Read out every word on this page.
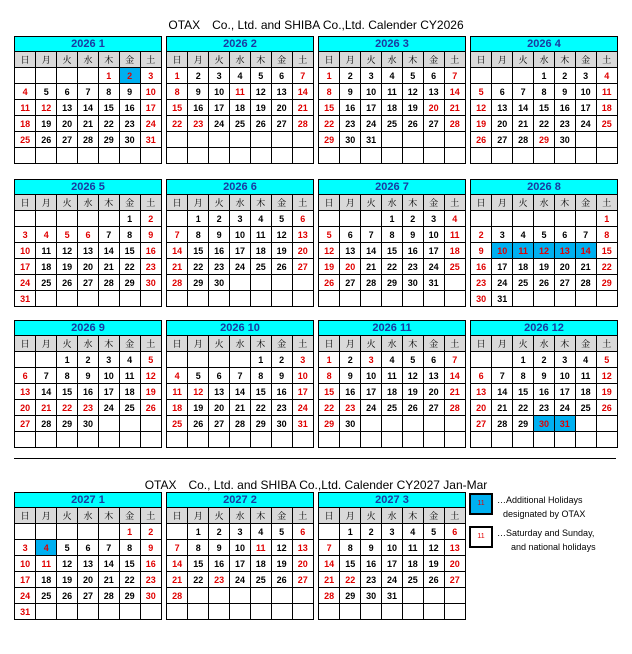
OTAX　Co., Ltd. and SHIBA Co.,Ltd. Calender CY2026
2026 1
日	月	火	水	木	金	土
				1	2	3
4	5	6	7	8	9	10
11	12	13	14	15	16	17
18	19	20	21	22	23	24
25	26	27	28	29	30	31

2026 2
日	月	火	水	木	金	土
1	2	3	4	5	6	7
8	9	10	11	12	13	14
15	16	17	18	19	20	21
22	23	24	25	26	27	28

2026 3
日	月	火	水	木	金	土
1	2	3	4	5	6	7
8	9	10	11	12	13	14
15	16	17	18	19	20	21
22	23	24	25	26	27	28
29	30	31				

2026 4
日	月	火	水	木	金	土
			1	2	3	4
5	6	7	8	9	10	11
12	13	14	15	16	17	18
19	20	21	22	23	24	25
26	27	28	29	30		

2026 5
日	月	火	水	木	金	土
					1	2
3	4	5	6	7	8	9
10	11	12	13	14	15	16
17	18	19	20	21	22	23
24	25	26	27	28	29	30
31						
2026 6
日	月	火	水	木	金	土
	1	2	3	4	5	6
7	8	9	10	11	12	13
14	15	16	17	18	19	20
21	22	23	24	25	26	27
28	29	30				

2026 7
日	月	火	水	木	金	土
			1	2	3	4
5	6	7	8	9	10	11
12	13	14	15	16	17	18
19	20	21	22	23	24	25
26	27	28	29	30	31	

2026 8
日	月	火	水	木	金	土
						1
2	3	4	5	6	7	8
9	10	11	12	13	14	15
16	17	18	19	20	21	22
23	24	25	26	27	28	29
30	31					
2026 9
日	月	火	水	木	金	土
		1	2	3	4	5
6	7	8	9	10	11	12
13	14	15	16	17	18	19
20	21	22	23	24	25	26
27	28	29	30			

2026 10
日	月	火	水	木	金	土
				1	2	3
4	5	6	7	8	9	10
11	12	13	14	15	16	17
18	19	20	21	22	23	24
25	26	27	28	29	30	31

2026 11
日	月	火	水	木	金	土
1	2	3	4	5	6	7
8	9	10	11	12	13	14
15	16	17	18	19	20	21
22	23	24	25	26	27	28
29	30					

2026 12
日	月	火	水	木	金	土
		1	2	3	4	5
6	7	8	9	10	11	12
13	14	15	16	17	18	19
20	21	22	23	24	25	26
27	28	29	30	31		

OTAX　Co., Ltd. and SHIBA Co.,Ltd. Calender CY2027 Jan-Mar
2027 1
日	月	火	水	木	金	土
					1	2
3	4	5	6	7	8	9
10	11	12	13	14	15	16
17	18	19	20	21	22	23
24	25	26	27	28	29	30
31						
2027 2
日	月	火	水	木	金	土
	1	2	3	4	5	6
7	8	9	10	11	12	13
14	15	16	17	18	19	20
21	22	23	24	25	26	27
28						

2027 3
日	月	火	水	木	金	土
	1	2	3	4	5	6
7	8	9	10	11	12	13
14	15	16	17	18	19	20
21	22	23	24	25	26	27
28	29	30	31			

11	…Additional Holidays
designated by OTAX
11	…Saturday and Sunday,
and national holidays
